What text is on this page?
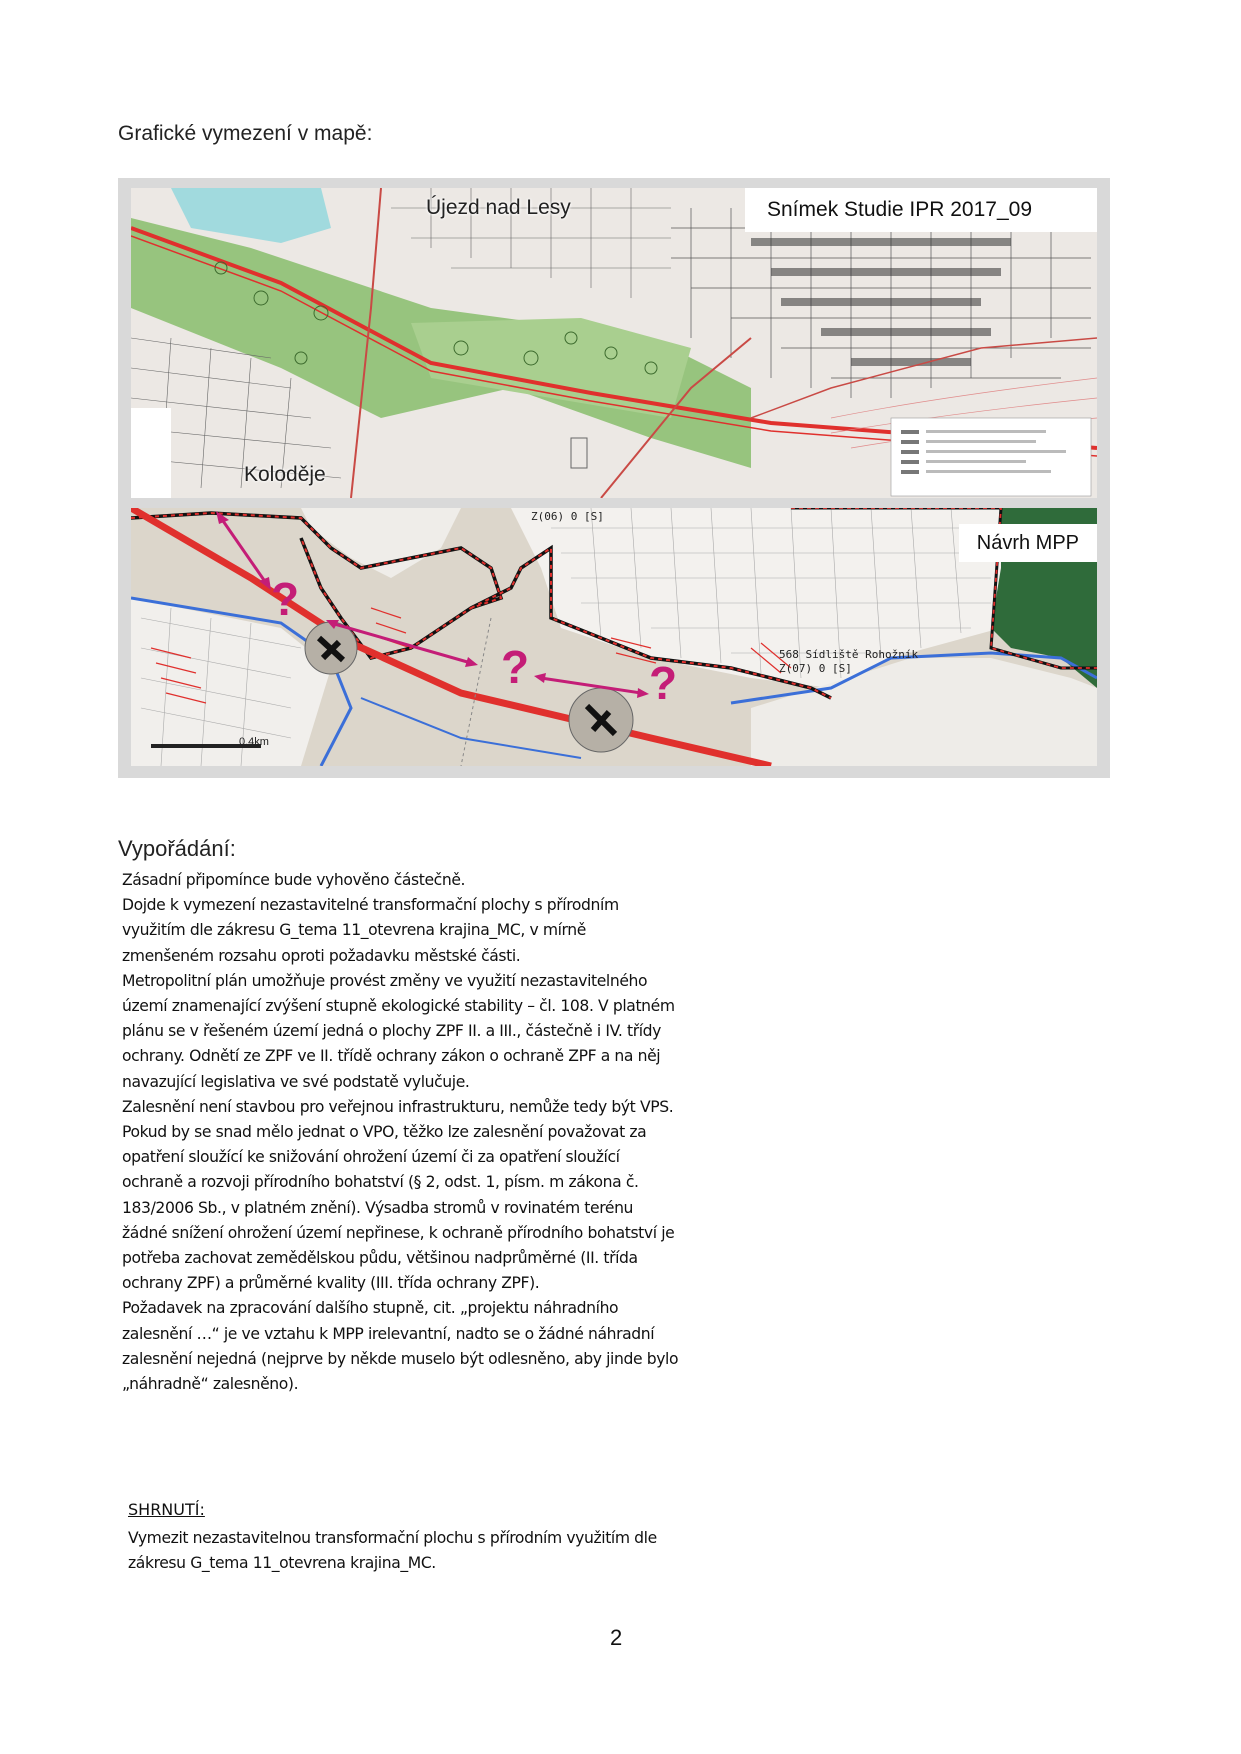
Grafické vymezení v mapě:
Újezd nad Lesy
Koloděje
Snímek Studie IPR 2017_09
?
?	?
0.4km
Z(06) 0 [S]
568 Sídliště Rohožník
Z(07) 0 [S]
Návrh MPP
Vypořádání:

Zásadní připomínce bude vyhověno částečně.

Dojde k vymezení nezastavitelné transformační plochy s přírodním využitím dle zákresu G_tema 11_otevrena krajina_MC, v mírně zmenšeném rozsahu oproti požadavku městské části.

Metropolitní plán umožňuje provést změny ve využití nezastavitelného území znamenající zvýšení stupně ekologické stability – čl. 108. V platném plánu se v řešeném území jedná o plochy ZPF II. a III., částečně i IV. třídy ochrany. Odnětí ze ZPF ve II. třídě ochrany zákon o ochraně ZPF a na něj navazující legislativa ve své podstatě vylučuje.

Zalesnění není stavbou pro veřejnou infrastrukturu, nemůže tedy být VPS. Pokud by se snad mělo jednat o VPO, těžko lze zalesnění považovat za opatření sloužící ke snižování ohrožení území či za opatření sloužící ochraně a rozvoji přírodního bohatství (§ 2, odst. 1, písm. m zákona č. 183/2006 Sb., v platném znění). Výsadba stromů v rovinatém terénu žádné snížení ohrožení území nepřinese, k ochraně přírodního bohatství je potřeba zachovat zemědělskou půdu, většinou nadprůměrné (II. třída ochrany ZPF) a průměrné kvality (III. třída ochrany ZPF).

Požadavek na zpracování dalšího stupně, cit. „projektu náhradního zalesnění …“ je ve vztahu k MPP irelevantní, nadto se o žádné náhradní zalesnění nejedná (nejprve by někde muselo být odlesněno, aby jinde bylo „náhradně“ zalesněno).

SHRNUTÍ:
Vymezit nezastavitelnou transformační plochu s přírodním využitím dle zákresu G_tema 11_otevrena krajina_MC.
2
